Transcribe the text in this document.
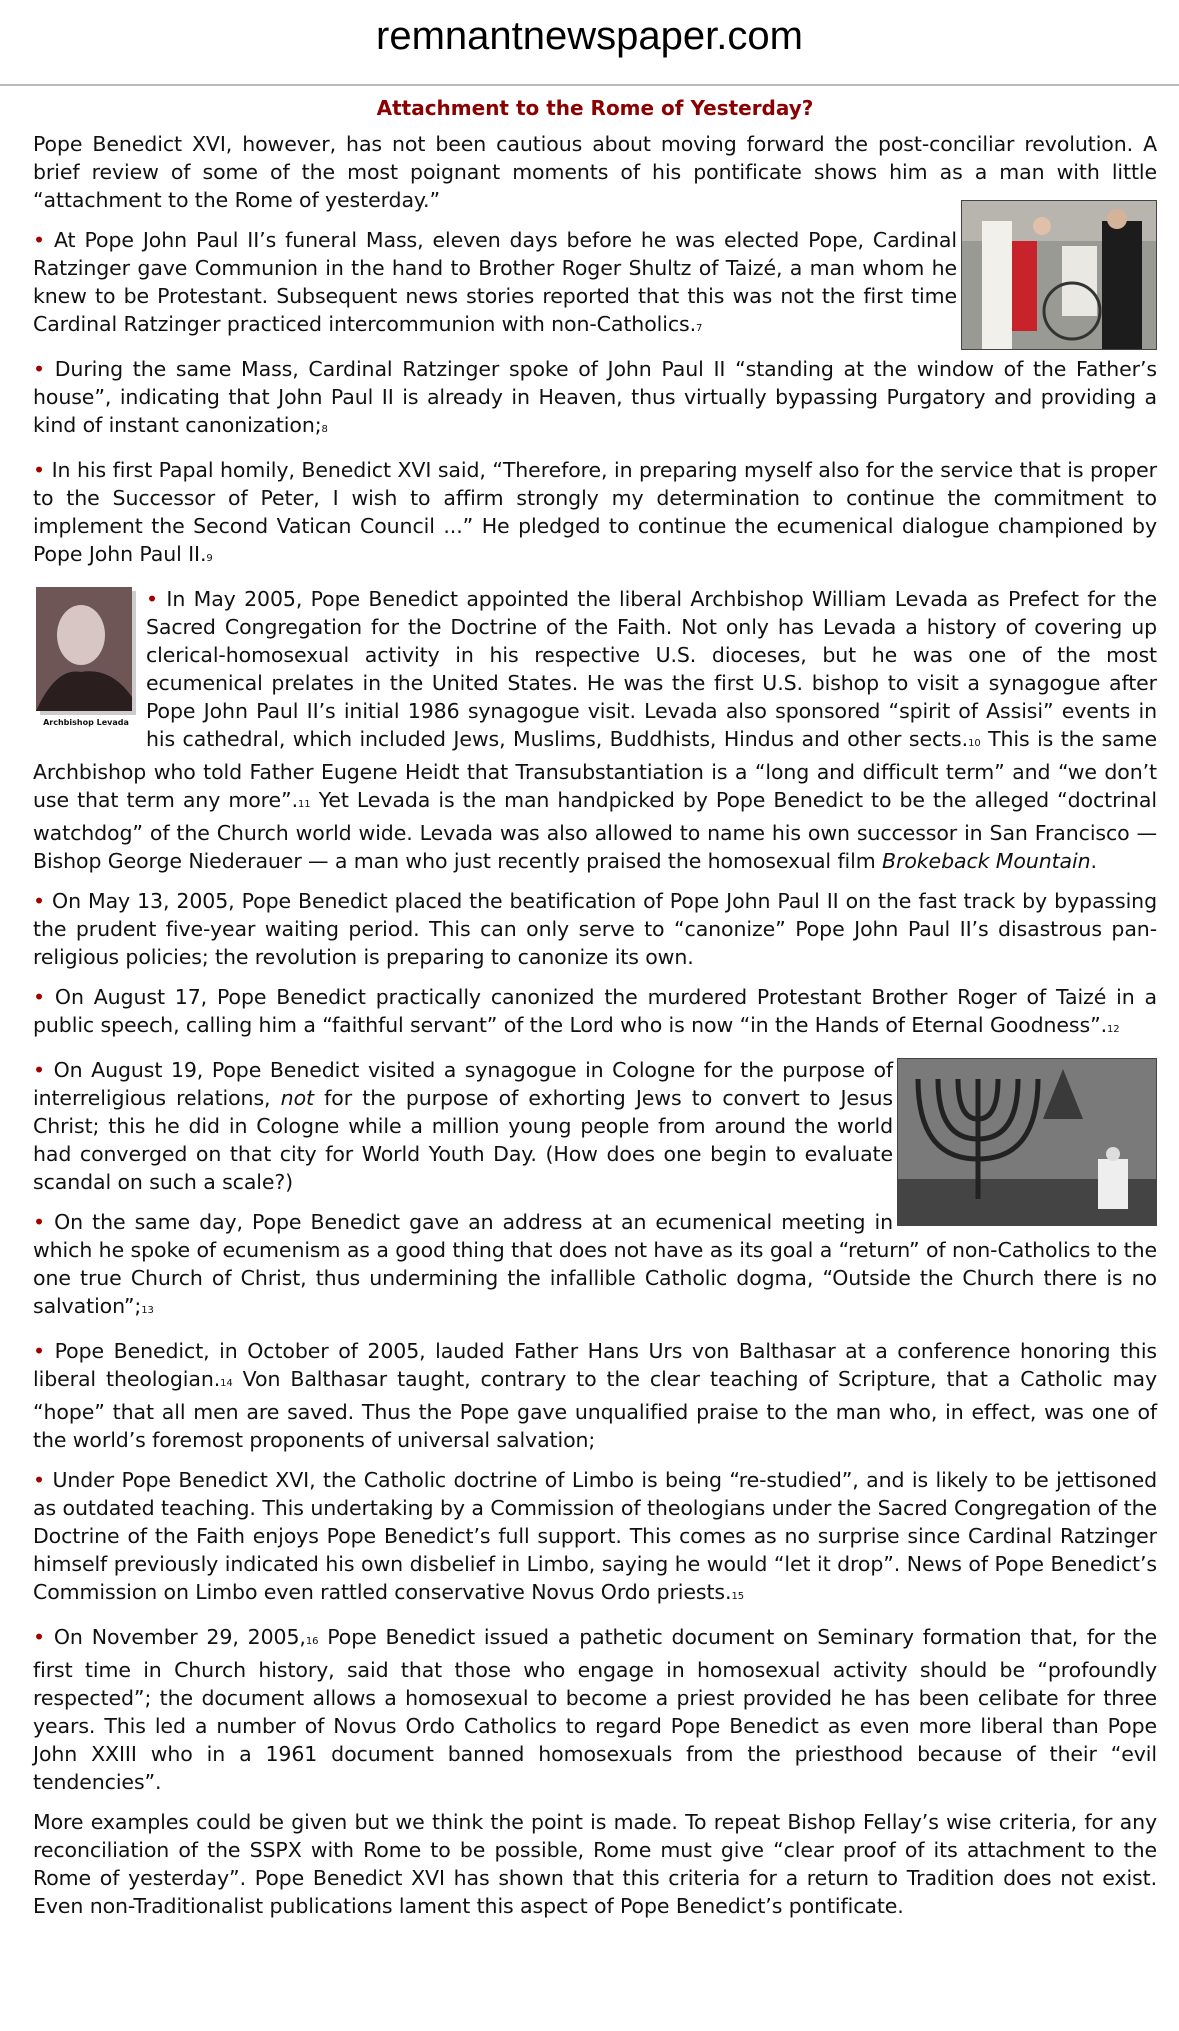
remnantnewspaper.com
Attachment to the Rome of Yesterday?

Pope Benedict XVI, however, has not been cautious about moving forward the post-conciliar revolution. A brief review of some of the most poignant moments of his pontificate shows him as a man with little “attachment to the Rome of yesterday.”

• At Pope John Paul II’s funeral Mass, eleven days before he was elected Pope, Cardinal Ratzinger gave Communion in the hand to Brother Roger Shultz of Taizé, a man whom he knew to be Protestant. Subsequent news stories reported that this was not the first time Cardinal Ratzinger practiced intercommunion with non-Catholics.7

• During the same Mass, Cardinal Ratzinger spoke of John Paul II “standing at the window of the Father’s house”, indicating that John Paul II is already in Heaven, thus virtually bypassing Purgatory and providing a kind of instant canonization;8

• In his first Papal homily, Benedict XVI said, “Therefore, in preparing myself also for the service that is proper to the Successor of Peter, I wish to affirm strongly my determination to continue the commitment to implement the Second Vatican Council ...” He pledged to continue the ecumenical dialogue championed by Pope John Paul II.9

Archbishop Levada

• In May 2005, Pope Benedict appointed the liberal Archbishop William Levada as Prefect for the Sacred Congregation for the Doctrine of the Faith. Not only has Levada a history of covering up clerical-homosexual activity in his respective U.S. dioceses, but he was one of the most ecumenical prelates in the United States. He was the first U.S. bishop to visit a synagogue after Pope John Paul II’s initial 1986 synagogue visit. Levada also sponsored “spirit of Assisi” events in his cathedral, which included Jews, Muslims, Buddhists, Hindus and other sects.10 This is the same Archbishop who told Father Eugene Heidt that Transubstantiation is a “long and difficult term” and “we don’t use that term any more”.11 Yet Levada is the man handpicked by Pope Benedict to be the alleged “doctrinal watchdog” of the Church world wide. Levada was also allowed to name his own successor in San Francisco — Bishop George Niederauer — a man who just recently praised the homosexual film Brokeback Mountain.

• On May 13, 2005, Pope Benedict placed the beatification of Pope John Paul II on the fast track by bypassing the prudent five-year waiting period. This can only serve to “canonize” Pope John Paul II’s disastrous pan-religious policies; the revolution is preparing to canonize its own.

• On August 17, Pope Benedict practically canonized the murdered Protestant Brother Roger of Taizé in a public speech, calling him a “faithful servant” of the Lord who is now “in the Hands of Eternal Goodness”.12

• On August 19, Pope Benedict visited a synagogue in Cologne for the purpose of interreligious relations, not for the purpose of exhorting Jews to convert to Jesus Christ; this he did in Cologne while a million young people from around the world had converged on that city for World Youth Day. (How does one begin to evaluate scandal on such a scale?)

• On the same day, Pope Benedict gave an address at an ecumenical meeting in which he spoke of ecumenism as a good thing that does not have as its goal a “return” of non-Catholics to the one true Church of Christ, thus undermining the infallible Catholic dogma, “Outside the Church there is no salvation”;13

• Pope Benedict, in October of 2005, lauded Father Hans Urs von Balthasar at a conference honoring this liberal theologian.14 Von Balthasar taught, contrary to the clear teaching of Scripture, that a Catholic may “hope” that all men are saved. Thus the Pope gave unqualified praise to the man who, in effect, was one of the world’s foremost proponents of universal salvation;

• Under Pope Benedict XVI, the Catholic doctrine of Limbo is being “re-studied”, and is likely to be jettisoned as outdated teaching. This undertaking by a Commission of theologians under the Sacred Congregation of the Doctrine of the Faith enjoys Pope Benedict’s full support. This comes as no surprise since Cardinal Ratzinger himself previously indicated his own disbelief in Limbo, saying he would “let it drop”. News of Pope Benedict’s Commission on Limbo even rattled conservative Novus Ordo priests.15

• On November 29, 2005,16 Pope Benedict issued a pathetic document on Seminary formation that, for the first time in Church history, said that those who engage in homosexual activity should be “profoundly respected”; the document allows a homosexual to become a priest provided he has been celibate for three years. This led a number of Novus Ordo Catholics to regard Pope Benedict as even more liberal than Pope John XXIII who in a 1961 document banned homosexuals from the priesthood because of their “evil tendencies”.

More examples could be given but we think the point is made. To repeat Bishop Fellay’s wise criteria, for any reconciliation of the SSPX with Rome to be possible, Rome must give “clear proof of its attachment to the Rome of yesterday”. Pope Benedict XVI has shown that this criteria for a return to Tradition does not exist. Even non-Traditionalist publications lament this aspect of Pope Benedict’s pontificate.
